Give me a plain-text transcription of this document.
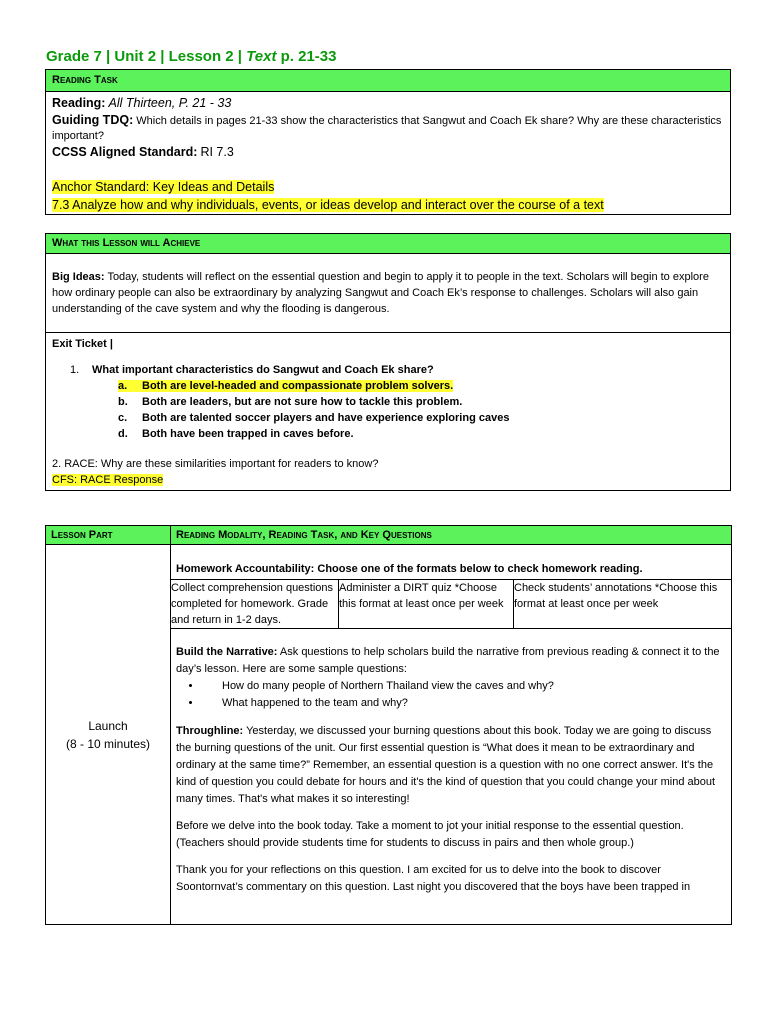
Grade 7 | Unit 2 | Lesson 2 | Text p. 21-33
Reading Task
Reading: All Thirteen, P. 21 - 33
Guiding TDQ: Which details in pages 21-33 show the characteristics that Sangwut and Coach Ek share? Why are these characteristics important?
CCSS Aligned Standard: RI 7.3
Anchor Standard: Key Ideas and Details
7.3 Analyze how and why individuals, events, or ideas develop and interact over the course of a text
What this Lesson will Achieve
Big Ideas: Today, students will reflect on the essential question and begin to apply it to people in the text. Scholars will begin to explore how ordinary people can also be extraordinary by analyzing Sangwut and Coach Ek’s response to challenges. Scholars will also gain understanding of the cave system and why the flooding is dangerous.
Exit Ticket |
1. What important characteristics do Sangwut and Coach Ek share?
a. Both are level-headed and compassionate problem solvers.
b. Both are leaders, but are not sure how to tackle this problem.
c. Both are talented soccer players and have experience exploring caves
d. Both have been trapped in caves before.
2. RACE: Why are these similarities important for readers to know?
CFS: RACE Response
Lesson Part	Reading Modality, Reading Task, and Key Questions

Launch
(8 - 10 minutes)

Homework Accountability: Choose one of the formats below to check homework reading.
Collect comprehension questions completed for homework. Grade and return in 1-2 days.	Administer a DIRT quiz *Choose this format at least once per week	Check students’ annotations *Choose this format at least once per week

Build the Narrative: Ask questions to help scholars build the narrative from previous reading & connect it to the day’s lesson. Here are some sample questions:

• How do many people of Northern Thailand view the caves and why?
• What happened to the team and why?

Throughline: Yesterday, we discussed your burning questions about this book. Today we are going to discuss the burning questions of the unit. Our first essential question is “What does it mean to be extraordinary and ordinary at the same time?” Remember, an essential question is a question with no one correct answer. It's the kind of question you could debate for hours and it's the kind of question that you could change your mind about many times. That's what makes it so interesting!

Before we delve into the book today. Take a moment to jot your initial response to the essential question. (Teachers should provide students time for students to discuss in pairs and then whole group.)

Thank you for your reflections on this question. I am excited for us to delve into the book to discover Soontornvat’s commentary on this question. Last night you discovered that the boys have been trapped in
